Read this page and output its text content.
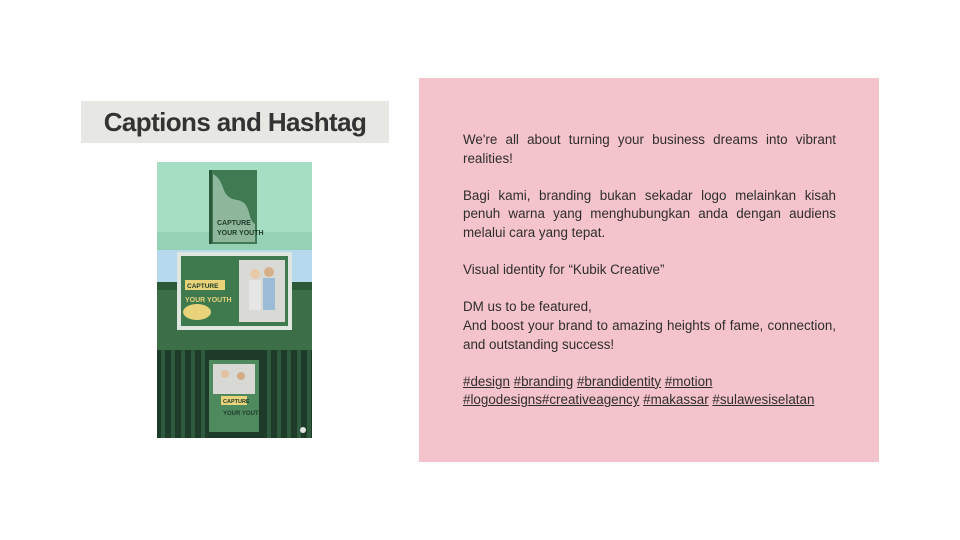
Captions and Hashtag
CAPTURE
YOUR YOUTH
CAPTURE
YOUR YOUTH
CAPTURE
YOUR YOUTH

We're all about turning your business dreams into vibrant realities!

Bagi kami, branding bukan sekadar logo melainkan kisah penuh warna yang menghubungkan anda dengan audiens melalui cara yang tepat.

Visual identity for “Kubik Creative”

DM us to be featured,
And boost your brand to amazing heights of fame, connection, and outstanding success!

#design #branding #brandidentity #motion
#logodesigns#creativeagency #makassar #sulawesiselatan
